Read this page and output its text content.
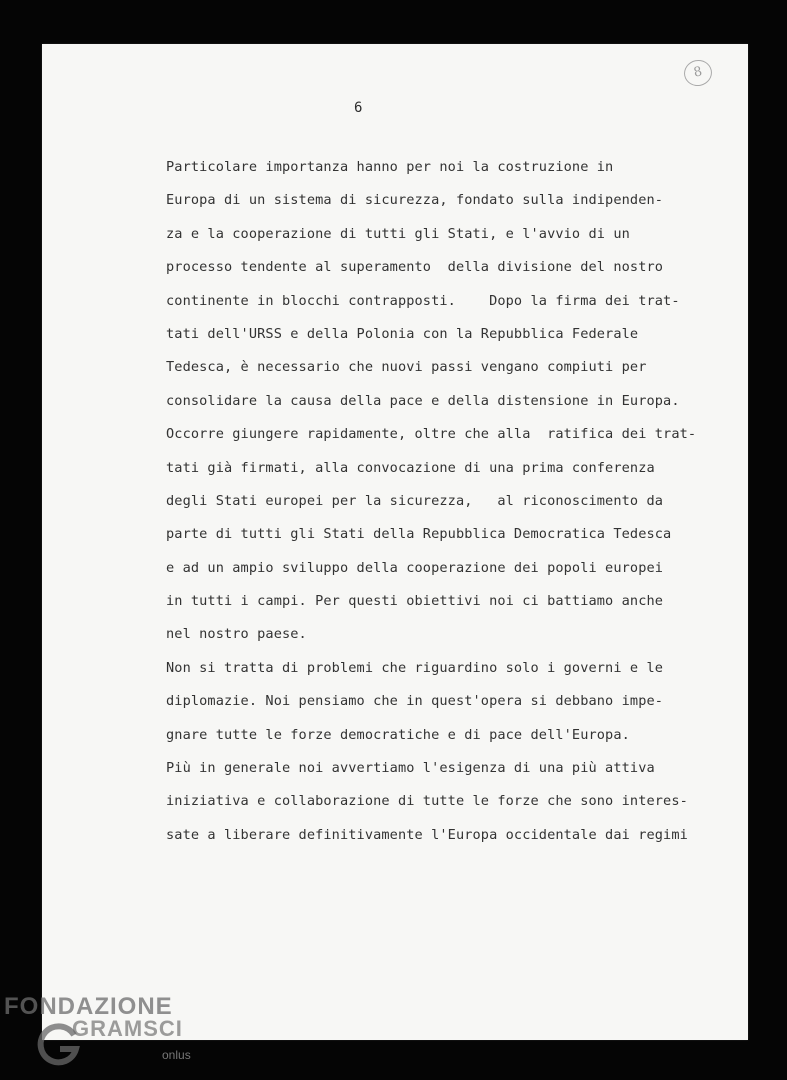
8
6
Particolare importanza hanno per noi la costruzione in
Europa di un sistema di sicurezza, fondato sulla indipenden-
za e la cooperazione di tutti gli Stati, e l'avvio di un
processo tendente al superamento  della divisione del nostro
continente in blocchi contrapposti.    Dopo la firma dei trat-
tati dell'URSS e della Polonia con la Repubblica Federale
Tedesca, è necessario che nuovi passi vengano compiuti per
consolidare la causa della pace e della distensione in Europa.
Occorre giungere rapidamente, oltre che alla  ratifica dei trat-
tati già firmati, alla convocazione di una prima conferenza
degli Stati europei per la sicurezza,   al riconoscimento da
parte di tutti gli Stati della Repubblica Democratica Tedesca
e ad un ampio sviluppo della cooperazione dei popoli europei
in tutti i campi. Per questi obiettivi noi ci battiamo anche
nel nostro paese.
Non si tratta di problemi che riguardino solo i governi e le
diplomazie. Noi pensiamo che in quest'opera si debbano impe-
gnare tutte le forze democratiche e di pace dell'Europa.
Più in generale noi avvertiamo l'esigenza di una più attiva
iniziativa e collaborazione di tutte le forze che sono interes-
sate a liberare definitivamente l'Europa occidentale dai regimi
FONDAZIONE
GRAMSCI
onlus
